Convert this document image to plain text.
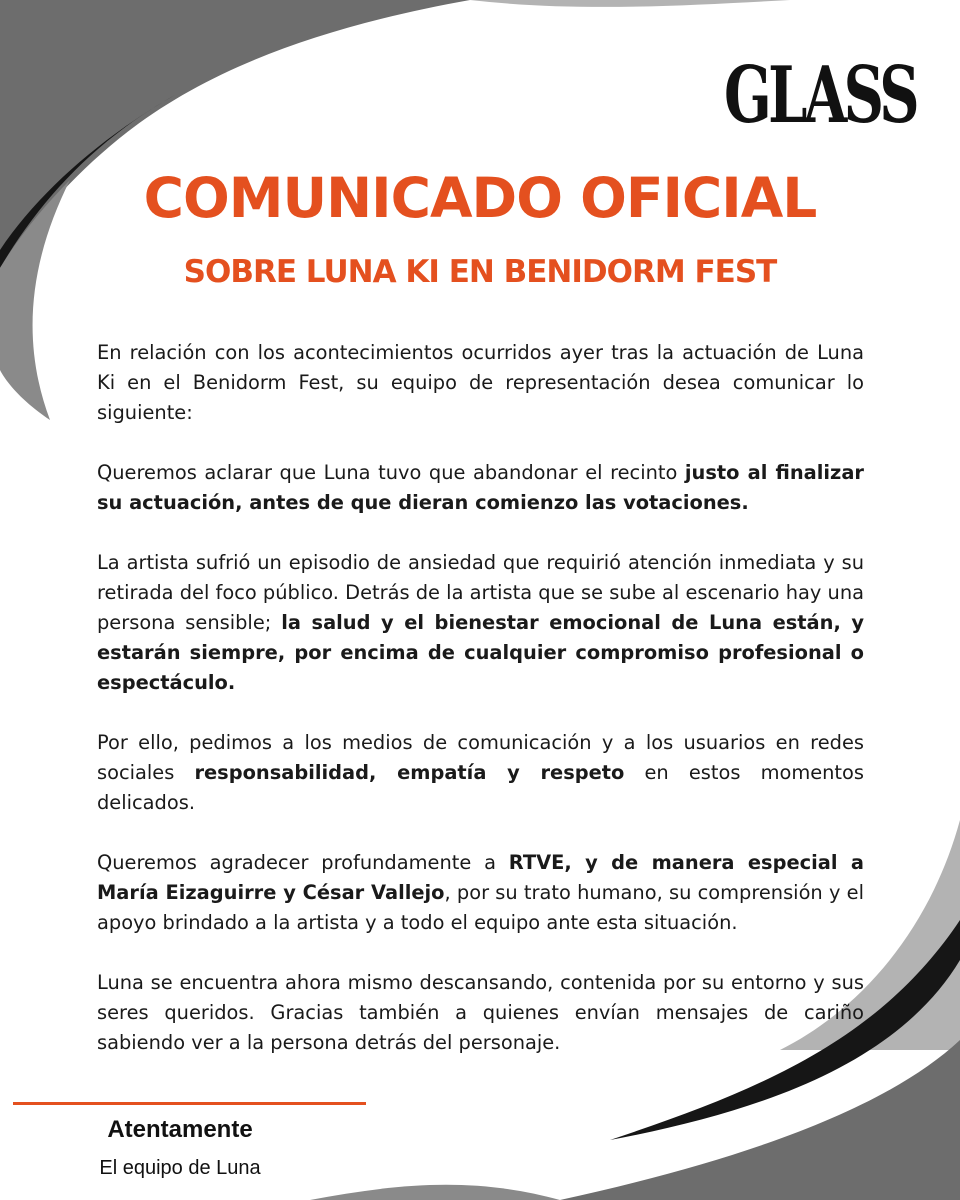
GLASS
COMUNICADO OFICIAL
SOBRE LUNA KI EN BENIDORM FEST

En relación con los acontecimientos ocurridos ayer tras la actuación de Luna Ki en el Benidorm Fest, su equipo de representación desea comunicar lo siguiente:

Queremos aclarar que Luna tuvo que abandonar el recinto justo al finalizar su actuación, antes de que dieran comienzo las votaciones.

La artista sufrió un episodio de ansiedad que requirió atención inmediata y su retirada del foco público. Detrás de la artista que se sube al escenario hay una persona sensible; la salud y el bienestar emocional de Luna están, y estarán siempre, por encima de cualquier compromiso profesional o espectáculo.

Por ello, pedimos a los medios de comunicación y a los usuarios en redes sociales responsabilidad, empatía y respeto en estos momentos delicados.

Queremos agradecer profundamente a RTVE, y de manera especial a María Eizaguirre y César Vallejo, por su trato humano, su comprensión y el apoyo brindado a la artista y a todo el equipo ante esta situación.

Luna se encuentra ahora mismo descansando, contenida por su entorno y sus seres queridos. Gracias también a quienes envían mensajes de cariño sabiendo ver a la persona detrás del personaje.

Atentamente
El equipo de Luna
